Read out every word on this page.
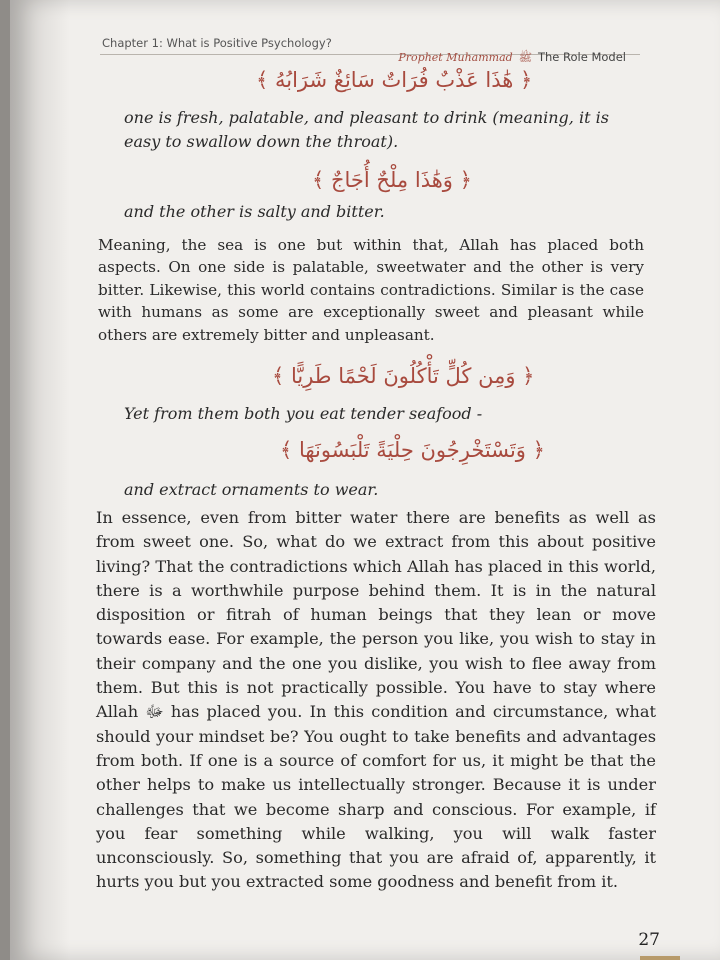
Chapter 1: What is Positive Psychology?
Prophet Muhammad ﷺ The Role Model
﴿ هَٰذَا عَذْبٌ فُرَاتٌ سَائِغٌ شَرَابُهُ ﴾
one is fresh, palatable, and pleasant to drink (meaning, it is easy to swallow down the throat).
﴿ وَهَٰذَا مِلْحٌ أُجَاجٌ ﴾
and the other is salty and bitter.
Meaning, the sea is one but within that, Allah has placed both aspects. On one side is palatable, sweetwater and the other is very bitter. Likewise, this world contains contradictions. Similar is the case with humans as some are exceptionally sweet and pleasant while others are extremely bitter and unpleasant.
﴿ وَمِن كُلٍّ تَأْكُلُونَ لَحْمًا طَرِيًّا ﴾
Yet from them both you eat tender seafood -
﴿ وَتَسْتَخْرِجُونَ حِلْيَةً تَلْبَسُونَهَا ﴾
and extract ornaments to wear.
In essence, even from bitter water there are benefits as well as from sweet one. So, what do we extract from this about positive living? That the contradictions which Allah has placed in this world, there is a worthwhile purpose behind them. It is in the natural disposition or fitrah of human beings that they lean or move towards ease. For example, the person you like, you wish to stay in their company and the one you dislike, you wish to flee away from them. But this is not practically possible. You have to stay where Allah ﷻ has placed you. In this condition and circumstance, what should your mindset be? You ought to take benefits and advantages from both. If one is a source of comfort for us, it might be that the other helps to make us intellectually stronger. Because it is under challenges that we become sharp and conscious. For example, if you fear something while walking, you will walk faster unconsciously. So, something that you are afraid of, apparently, it hurts you but you extracted some goodness and benefit from it.
27
